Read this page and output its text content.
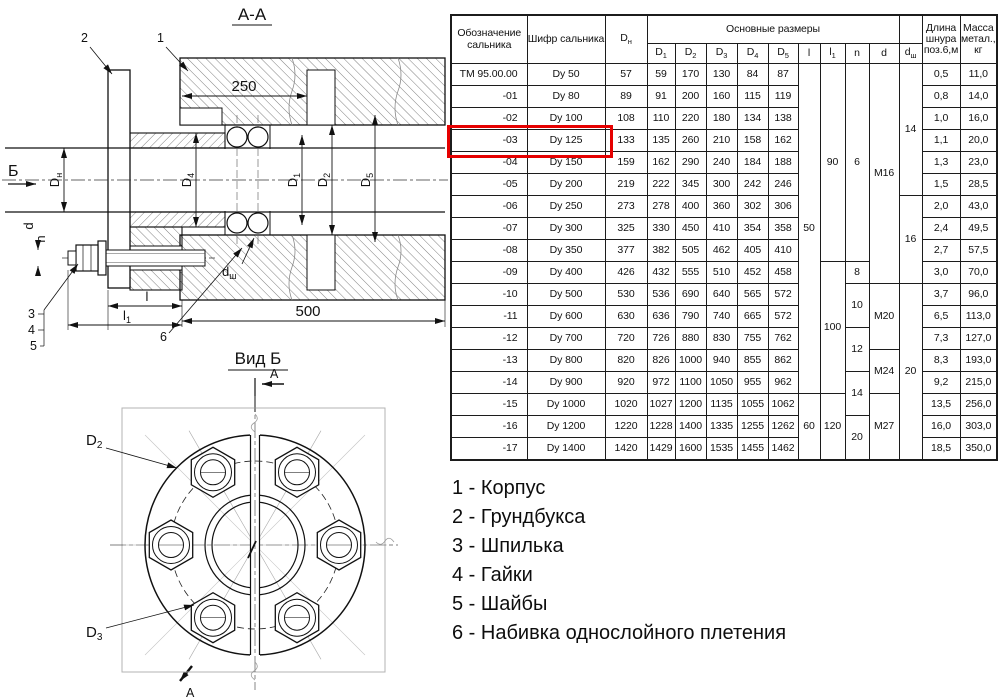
А-А
250
500
l
$l_1$
$D_н$
$D_4$
$D_1$
$D_2$
$D_5$
d
n
$d_ш$
Б
2	1
3
4
5
6
Вид Б
А
А
$D_2$
$D_3$
Обозначение сальника	Шифр сальника	$D_н$	Основные размеры										Длина шнура поз.6,м	Масса метал., кг
			$D_1$	$D_2$	$D_3$	$D_4$	$D_5$	l	$l_1$	n	d	$d_ш$
ТМ 95.00.00	Dy 50	57	59	170	130	84	87	50	90	6	М16	14	0,5	11,0
-01	Dy 80	89	91	200	160	115	119						0,8	14,0
-02	Dy 100	108	110	220	180	134	138						1,0	16,0
-03	Dy 125	133	135	260	210	158	162						1,1	20,0
-04	Dy 150	159	162	290	240	184	188						1,3	23,0
-05	Dy 200	219	222	345	300	242	246						1,5	28,5
-06	Dy 250	273	278	400	360	302	306					16	2,0	43,0
-07	Dy 300	325	330	450	410	354	358						2,4	49,5
-08	Dy 350	377	382	505	462	405	410						2,7	57,5
-09	Dy 400	426	432	555	510	452	458		100	8			3,0	70,0
-10	Dy 500	530	536	690	640	565	572			10	М20	20	3,7	96,0
-11	Dy 600	630	636	790	740	665	572						6,5	113,0
-12	Dy 700	720	726	880	830	755	762			12			7,3	127,0
-13	Dy 800	820	826	1000	940	855	862				М24		8,3	193,0
-14	Dy 900	920	972	1100	1050	955	962			14			9,2	215,0
-15	Dy 1000	1020	1027	1200	1135	1055	1062	60	120		М27		13,5	256,0
-16	Dy 1200	1220	1228	1400	1335	1255	1262			20			16,0	303,0
-17	Dy 1400	1420	1429	1600	1535	1455	1462						18,5	350,0
1 - Корпус
2 - Грундбукса
3 - Шпилька
4 - Гайки
5 - Шайбы
6 - Набивка однослойного плетения
